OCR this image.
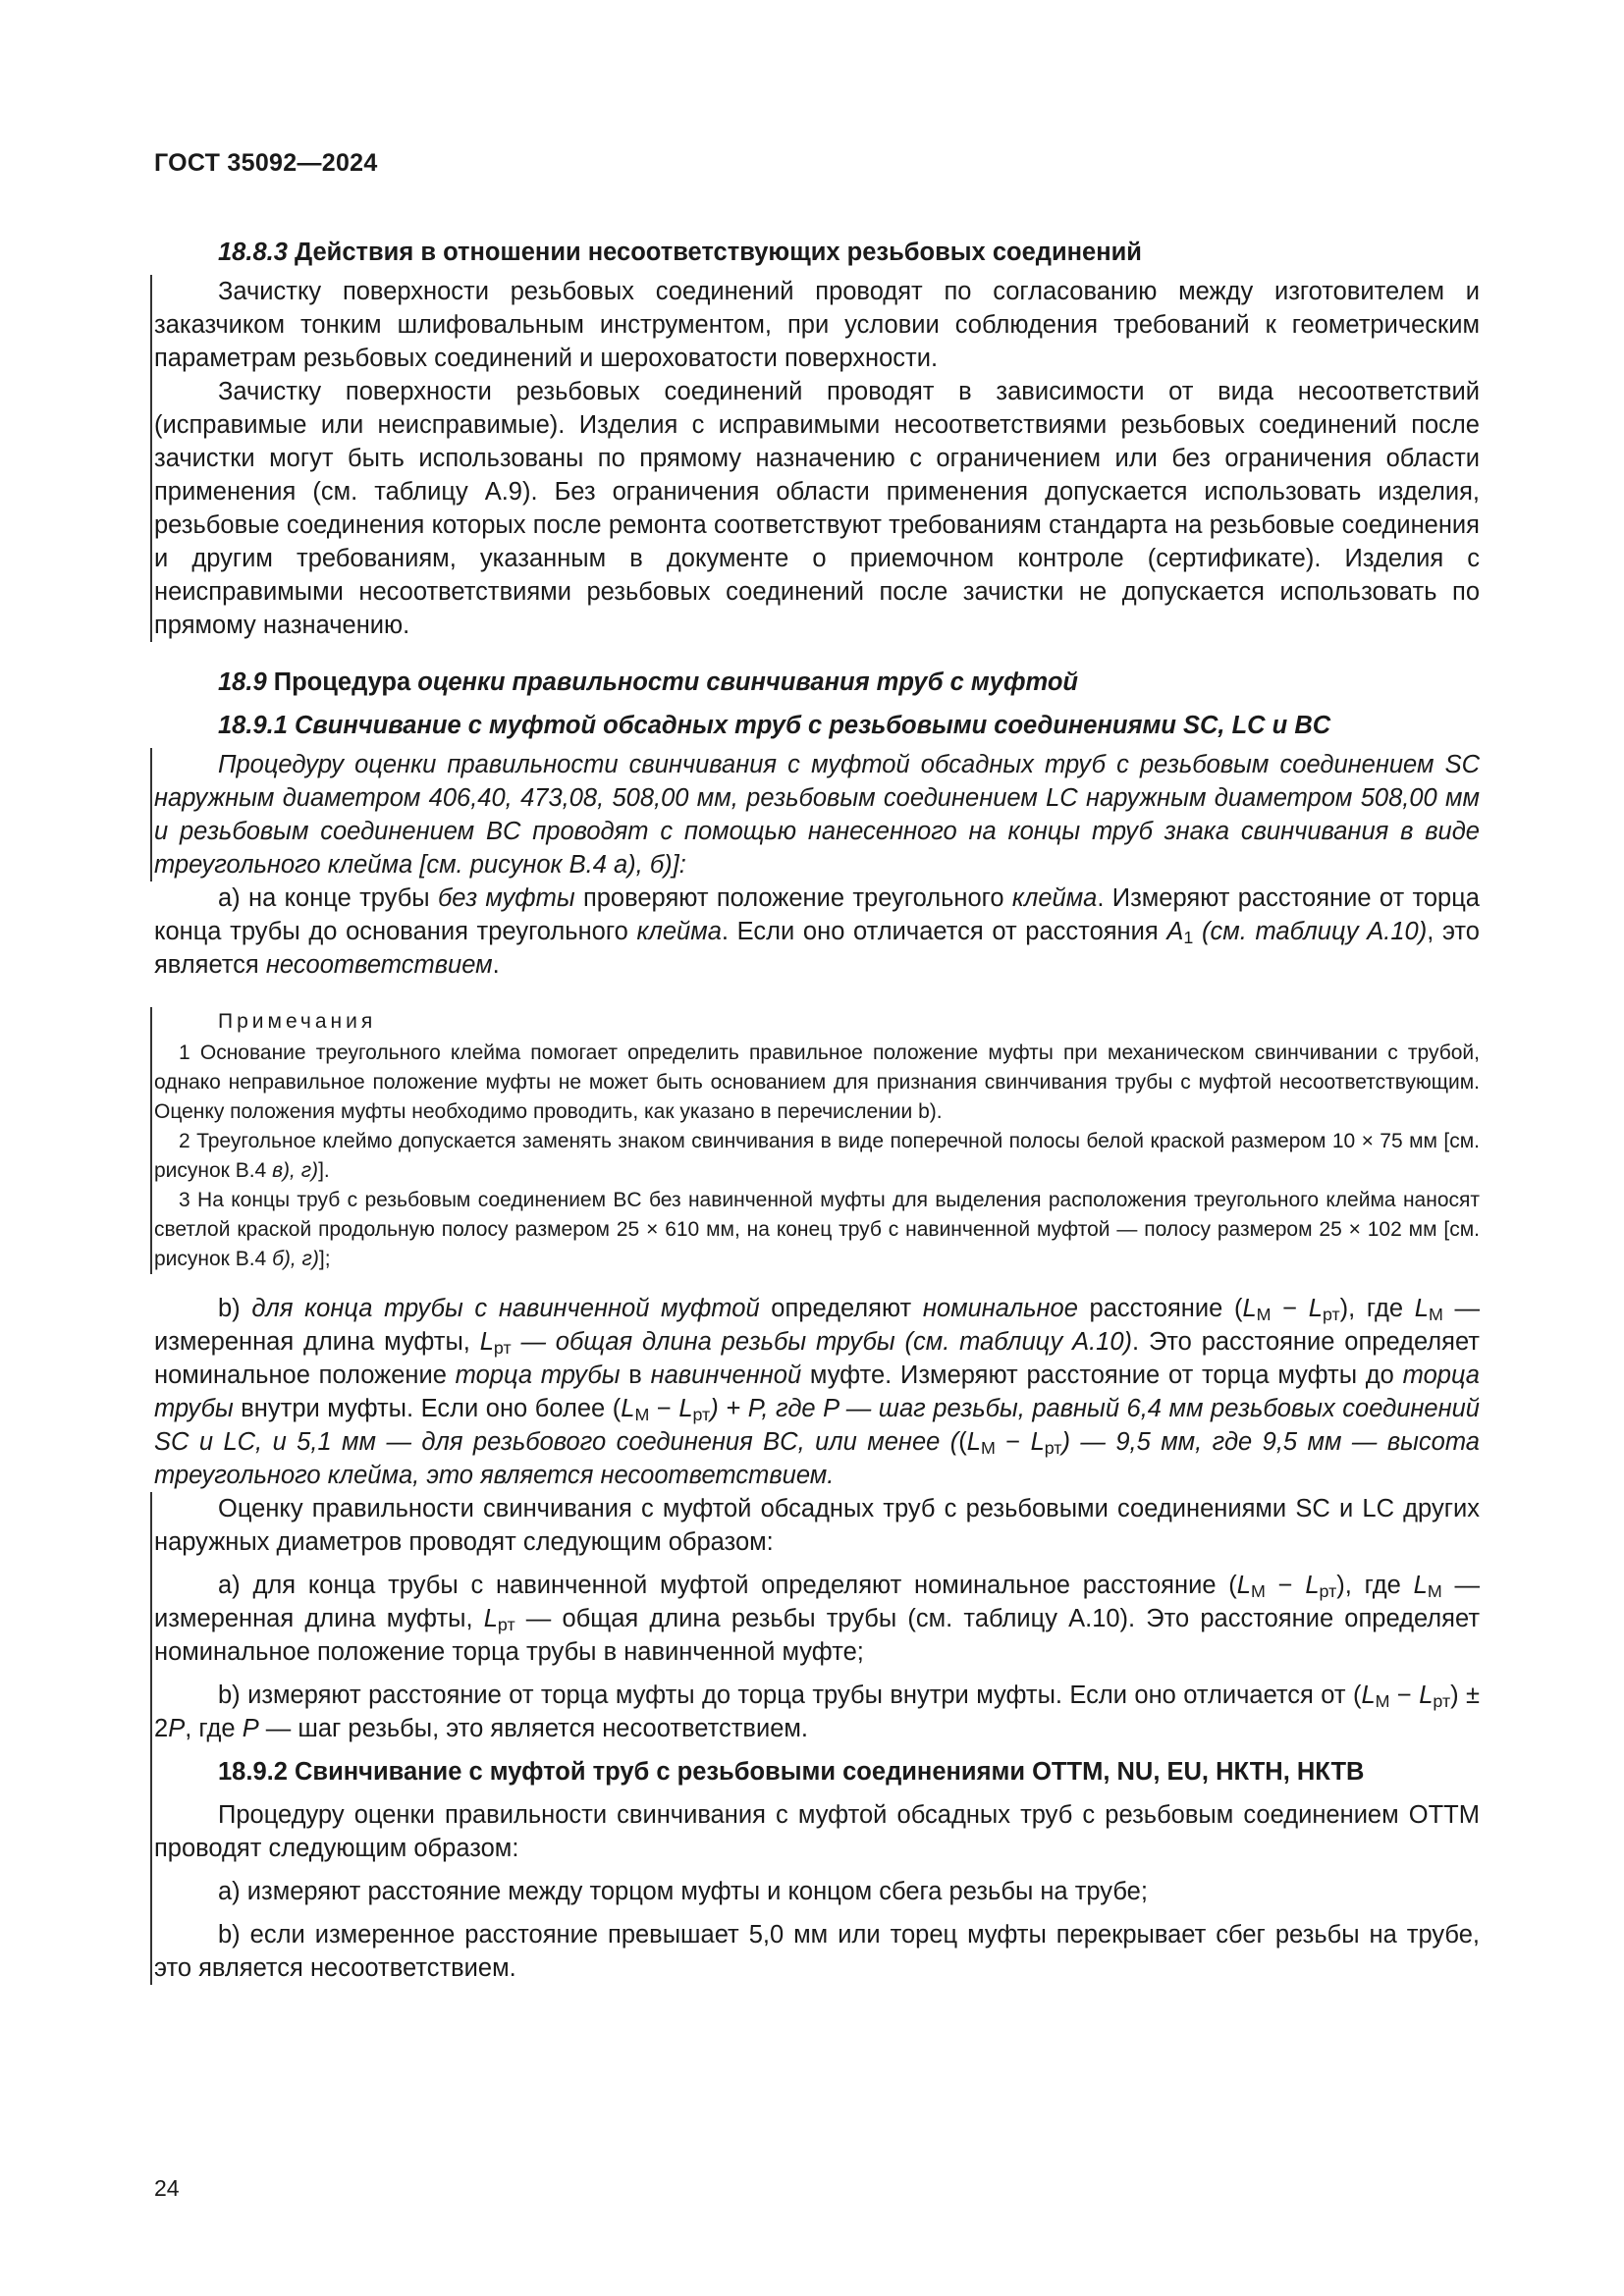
ГОСТ 35092—2024

18.8.3 Действия в отношении несоответствующих резьбовых соединений

Зачистку поверхности резьбовых соединений проводят по согласованию между изготовителем и заказчиком тонким шлифовальным инструментом, при условии соблюдения требований к геометрическим параметрам резьбовых соединений и шероховатости поверхности.

Зачистку поверхности резьбовых соединений проводят в зависимости от вида несоответствий (исправимые или неисправимые). Изделия с исправимыми несоответствиями резьбовых соединений после зачистки могут быть использованы по прямому назначению с ограничением или без ограничения области применения (см. таблицу А.9). Без ограничения области применения допускается использовать изделия, резьбовые соединения которых после ремонта соответствуют требованиям стандарта на резьбовые соединения и другим требованиям, указанным в документе о приемочном контроле (сертификате). Изделия с неисправимыми несоответствиями резьбовых соединений после зачистки не допускается использовать по прямому назначению.

18.9 Процедура оценки правильности свинчивания труб с муфтой

18.9.1 Свинчивание с муфтой обсадных труб с резьбовыми соединениями SC, LC и BC

Процедуру оценки правильности свинчивания с муфтой обсадных труб с резьбовым соединением SC наружным диаметром 406,40, 473,08, 508,00 мм, резьбовым соединением LC наружным диаметром 508,00 мм и резьбовым соединением BC проводят с помощью нанесенного на концы труб знака свинчивания в виде треугольного клейма [см. рисунок В.4 а), б)]:

а) на конце трубы без муфты проверяют положение треугольного клейма. Измеряют расстояние от торца конца трубы до основания треугольного клейма. Если оно отличается от расстояния $A_1$ (см. таблицу А.10), это является несоответствием.

Примечания

1 Основание треугольного клейма помогает определить правильное положение муфты при механическом свинчивании с трубой, однако неправильное положение муфты не может быть основанием для признания свинчивания трубы с муфтой несоответствующим. Оценку положения муфты необходимо проводить, как указано в перечислении b).

2 Треугольное клеймо допускается заменять знаком свинчивания в виде поперечной полосы белой краской размером 10 × 75 мм [см. рисунок В.4 в), г)].

3 На концы труб с резьбовым соединением BC без навинченной муфты для выделения расположения треугольного клейма наносят светлой краской продольную полосу размером 25 × 610 мм, на конец труб с навинченной муфтой — полосу размером 25 × 102 мм [см. рисунок В.4 б), г)];

b) для конца трубы с навинченной муфтой определяют номинальное расстояние $(L_М - L_{рт})$, где $L_М$ — измеренная длина муфты, $L_{рт}$ — общая длина резьбы трубы (см. таблицу А.10). Это расстояние определяет номинальное положение торца трубы в навинченной муфте. Измеряют расстояние от торца муфты до торца трубы внутри муфты. Если оно более $(L_М - L_{рт}) + P$, где P — шаг резьбы, равный 6,4 мм резьбовых соединений SC и LC, и 5,1 мм — для резьбового соединения BC, или менее ($(L_М - L_{рт})$ — 9,5 мм, где 9,5 мм — высота треугольного клейма, это является несоответствием.

Оценку правильности свинчивания с муфтой обсадных труб с резьбовыми соединениями SC и LC других наружных диаметров проводят следующим образом:

а) для конца трубы с навинченной муфтой определяют номинальное расстояние $(L_М - L_{рт})$, где $L_М$ — измеренная длина муфты, $L_{рт}$ — общая длина резьбы трубы (см. таблицу А.10). Это расстояние определяет номинальное положение торца трубы в навинченной муфте;

b) измеряют расстояние от торца муфты до торца трубы внутри муфты. Если оно отличается от $(L_М - L_{рт}) \pm 2P$, где P — шаг резьбы, это является несоответствием.

18.9.2 Свинчивание с муфтой труб с резьбовыми соединениями ОТТМ, NU, EU, НКТН, НКТВ

Процедуру оценки правильности свинчивания с муфтой обсадных труб с резьбовым соединением ОТТМ проводят следующим образом:

а) измеряют расстояние между торцом муфты и концом сбега резьбы на трубе;

b) если измеренное расстояние превышает 5,0 мм или торец муфты перекрывает сбег резьбы на трубе, это является несоответствием.

24
